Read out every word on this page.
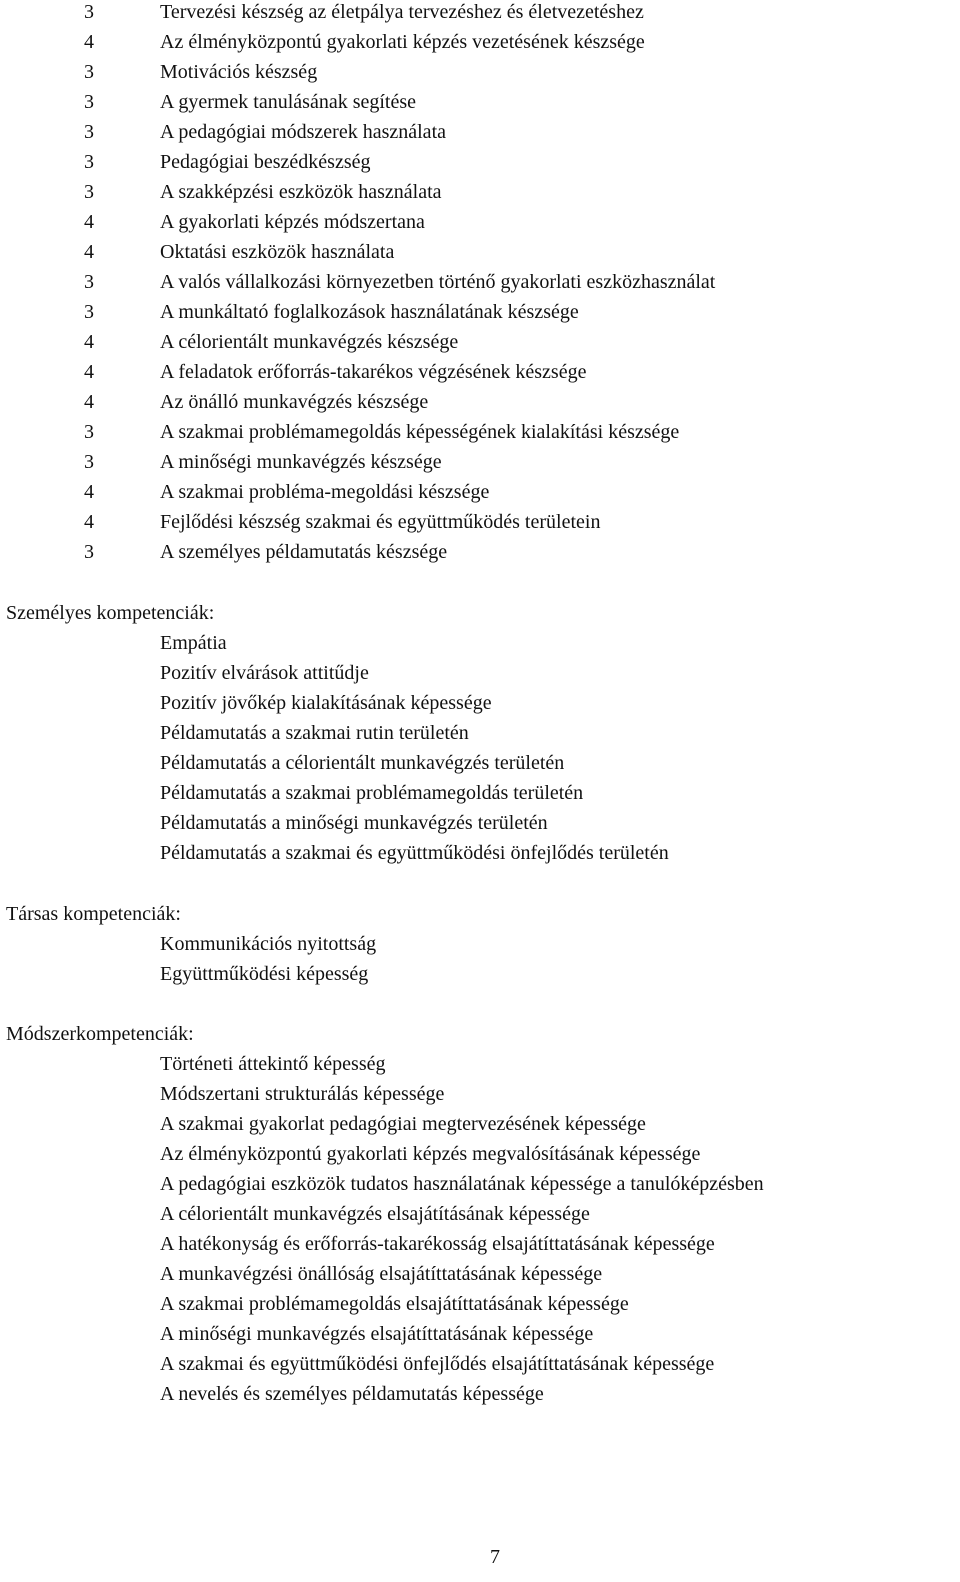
3	Tervezési készség az életpálya tervezéshez és életvezetéshez
4	Az élményközpontú gyakorlati képzés vezetésének készsége
3	Motivációs készség
3	A gyermek tanulásának segítése
3	A pedagógiai módszerek használata
3	Pedagógiai beszédkészség
3	A szakképzési eszközök használata
4	A gyakorlati képzés módszertana
4	Oktatási eszközök használata
3	A valós vállalkozási környezetben történő gyakorlati eszközhasználat
3	A munkáltató foglalkozások használatának készsége
4	A célorientált munkavégzés készsége
4	A feladatok erőforrás-takarékos végzésének készsége
4	Az önálló munkavégzés készsége
3	A szakmai problémamegoldás képességének kialakítási készsége
3	A minőségi munkavégzés készsége
4	A szakmai probléma-megoldási készsége
4	Fejlődési készség szakmai és együttműködés területein
3	A személyes példamutatás készsége
Személyes kompetenciák:
Empátia
Pozitív elvárások attitűdje
Pozitív jövőkép kialakításának képessége
Példamutatás a szakmai rutin területén
Példamutatás a célorientált munkavégzés területén
Példamutatás a szakmai problémamegoldás területén
Példamutatás a minőségi munkavégzés területén
Példamutatás a szakmai és együttműködési önfejlődés területén
Társas kompetenciák:
Kommunikációs nyitottság
Együttműködési képesség
Módszerkompetenciák:
Történeti áttekintő képesség
Módszertani strukturálás képessége
A szakmai gyakorlat pedagógiai megtervezésének képessége
Az élményközpontú gyakorlati képzés megvalósításának képessége
A pedagógiai eszközök tudatos használatának képessége a tanulóképzésben
A célorientált munkavégzés elsajátításának képessége
A hatékonyság és erőforrás-takarékosság elsajátíttatásának képessége
A munkavégzési önállóság elsajátíttatásának képessége
A szakmai problémamegoldás elsajátíttatásának képessége
A minőségi munkavégzés elsajátíttatásának képessége
A szakmai és együttműködési önfejlődés elsajátíttatásának képessége
A nevelés és személyes példamutatás képessége
7
